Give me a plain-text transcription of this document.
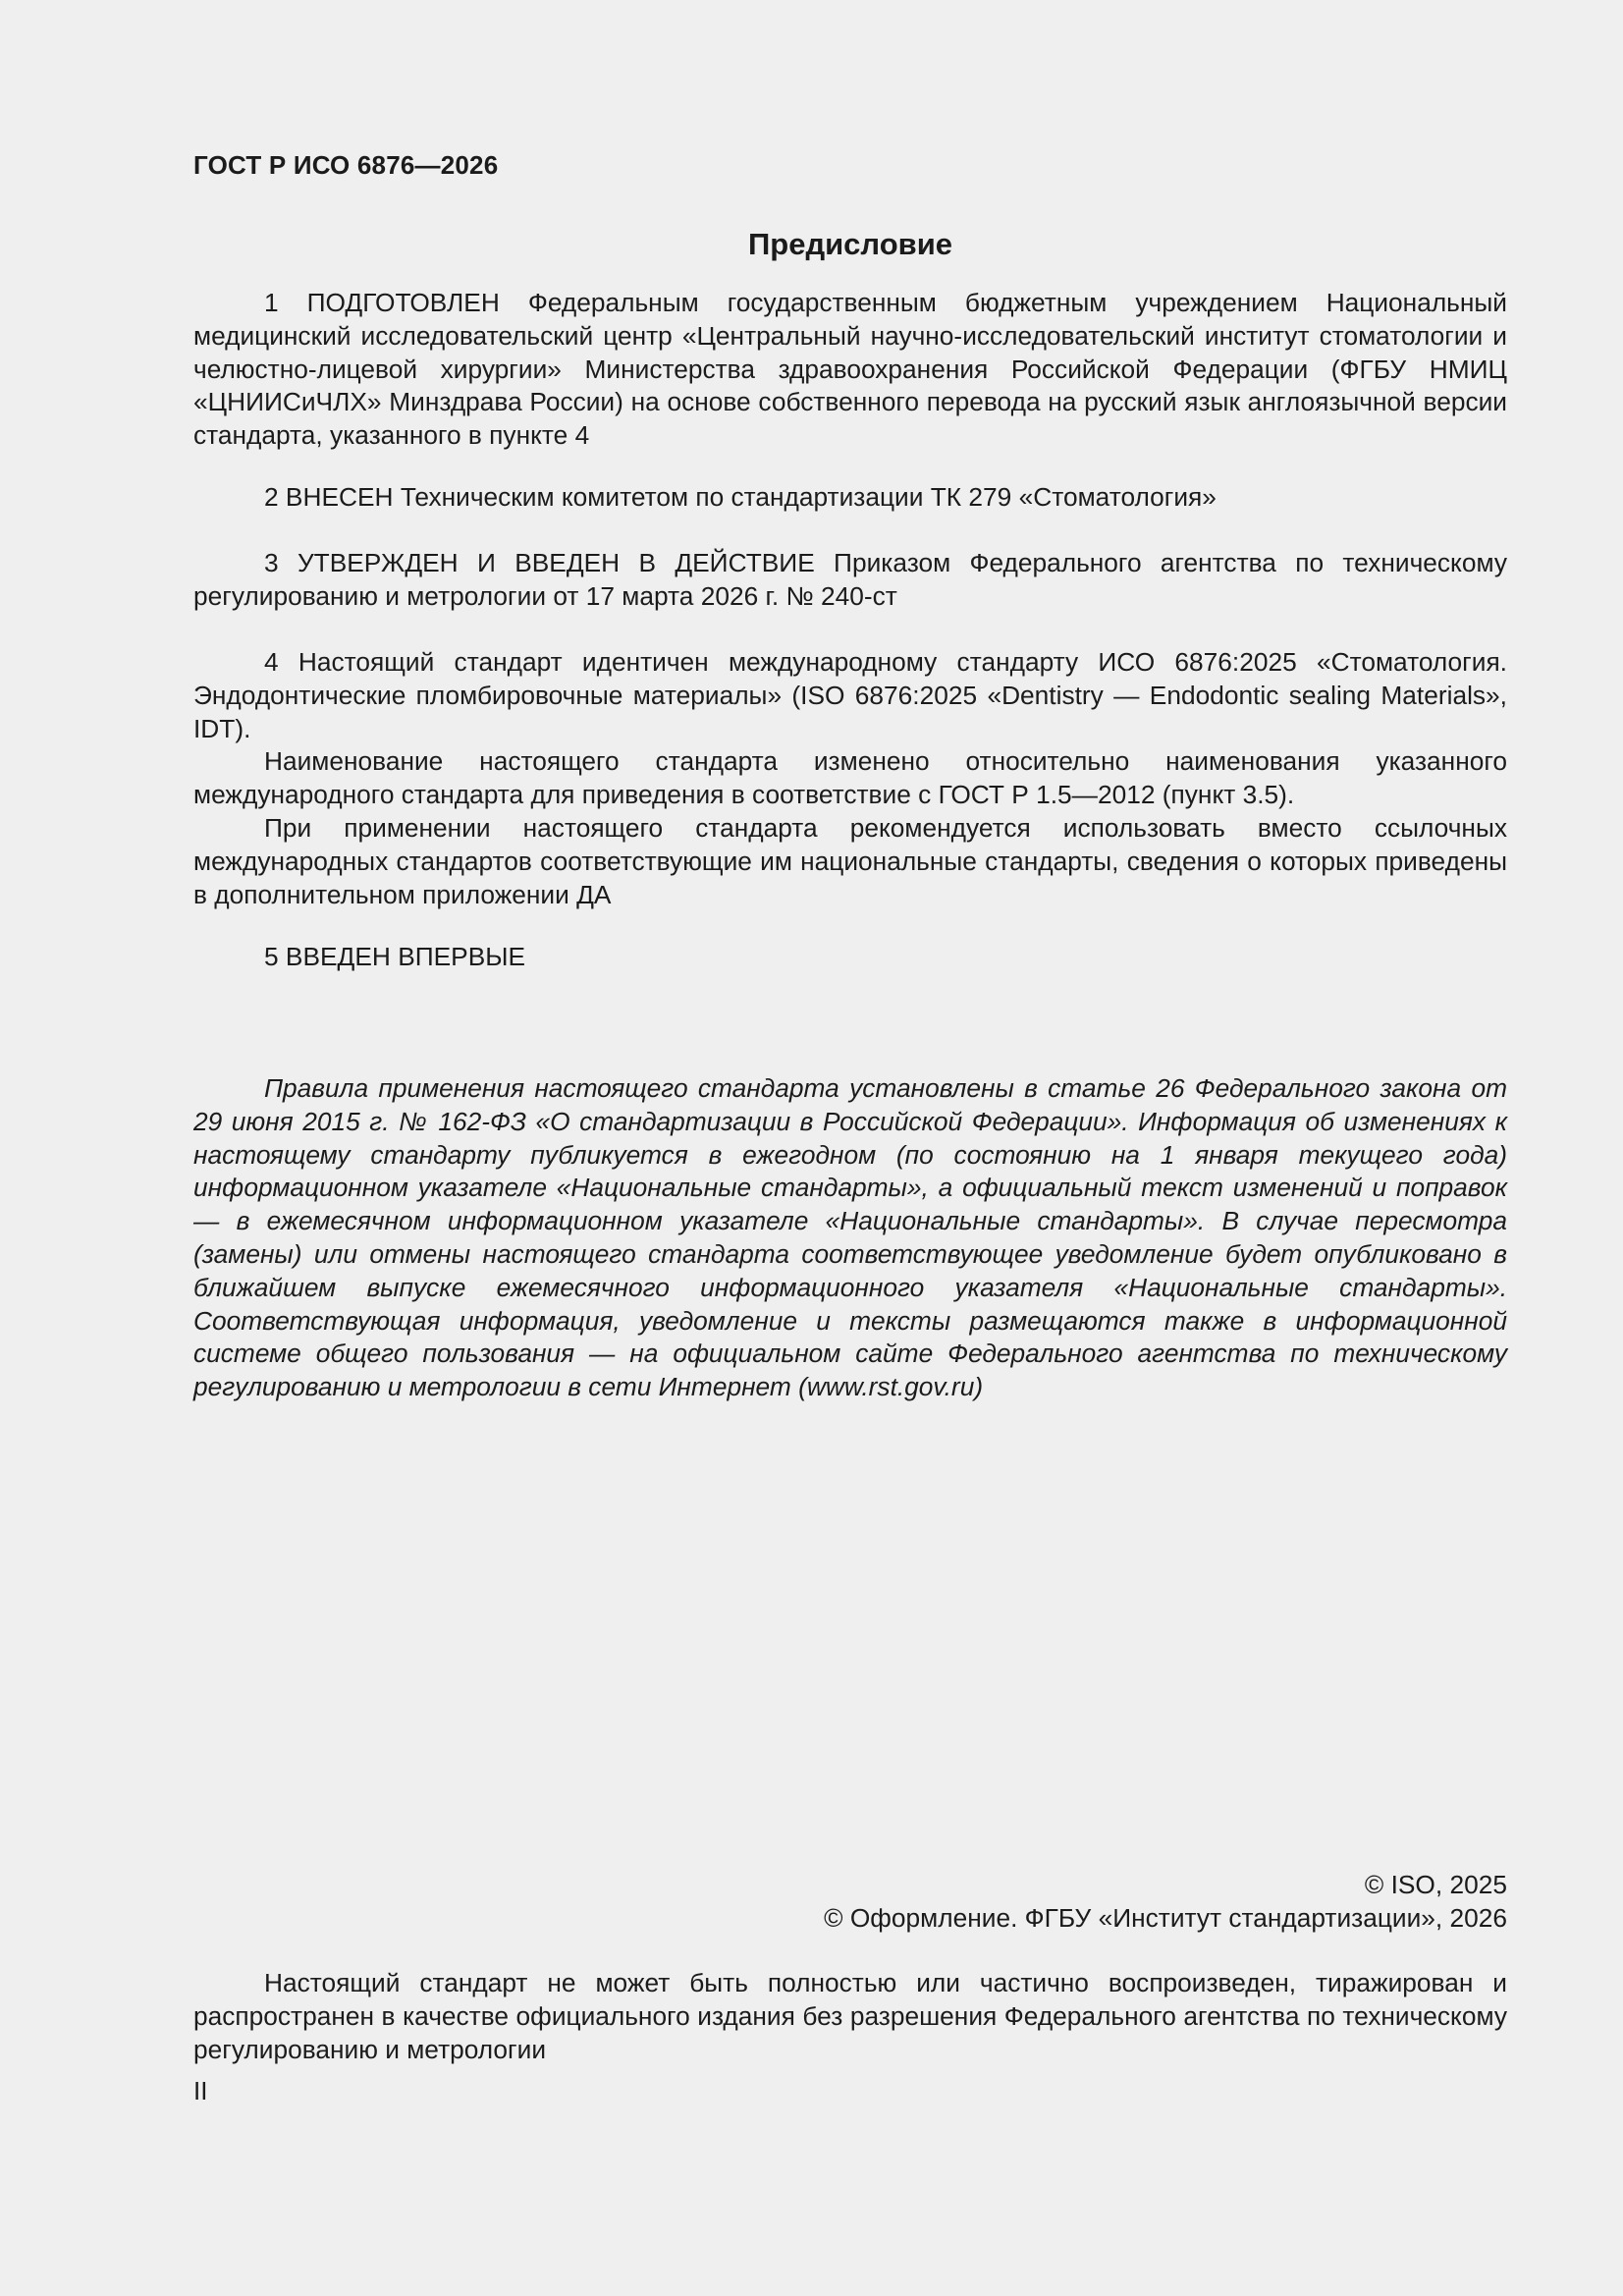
ГОСТ Р ИСО 6876—2026
Предисловие

1 ПОДГОТОВЛЕН Федеральным государственным бюджетным учреждением Национальный медицинский исследовательский центр «Центральный научно-исследовательский институт стоматологии и челюстно-лицевой хирургии» Министерства здравоохранения Российской Федерации (ФГБУ НМИЦ «ЦНИИСиЧЛХ» Минздрава России) на основе собственного перевода на русский язык англоязычной версии стандарта, указанного в пункте 4

2 ВНЕСЕН Техническим комитетом по стандартизации ТК 279 «Стоматология»

3 УТВЕРЖДЕН И ВВЕДЕН В ДЕЙСТВИЕ Приказом Федерального агентства по техническому регулированию и метрологии от 17 марта 2026 г. № 240-ст

4 Настоящий стандарт идентичен международному стандарту ИСО 6876:2025 «Стоматология. Эндодонтические пломбировочные материалы» (ISO 6876:2025 «Dentistry — Endodontic sealing Materials», IDT).

Наименование настоящего стандарта изменено относительно наименования указанного международного стандарта для приведения в соответствие с ГОСТ Р 1.5—2012 (пункт 3.5).

При применении настоящего стандарта рекомендуется использовать вместо ссылочных международных стандартов соответствующие им национальные стандарты, сведения о которых приведены в дополнительном приложении ДА

5 ВВЕДЕН ВПЕРВЫЕ

Правила применения настоящего стандарта установлены в статье 26 Федерального закона от 29 июня 2015 г. № 162-ФЗ «О стандартизации в Российской Федерации». Информация об изменениях к настоящему стандарту публикуется в ежегодном (по состоянию на 1 января текущего года) информационном указателе «Национальные стандарты», а официальный текст изменений и поправок — в ежемесячном информационном указателе «Национальные стандарты». В случае пересмотра (замены) или отмены настоящего стандарта соответствующее уведомление будет опубликовано в ближайшем выпуске ежемесячного информационного указателя «Национальные стандарты». Соответствующая информация, уведомление и тексты размещаются также в информационной системе общего пользования — на официальном сайте Федерального агентства по техническому регулированию и метрологии в сети Интернет (www.rst.gov.ru)

© ISO, 2025
© Оформление. ФГБУ «Институт стандартизации», 2026

Настоящий стандарт не может быть полностью или частично воспроизведен, тиражирован и распространен в качестве официального издания без разрешения Федерального агентства по техническому регулированию и метрологии

II
